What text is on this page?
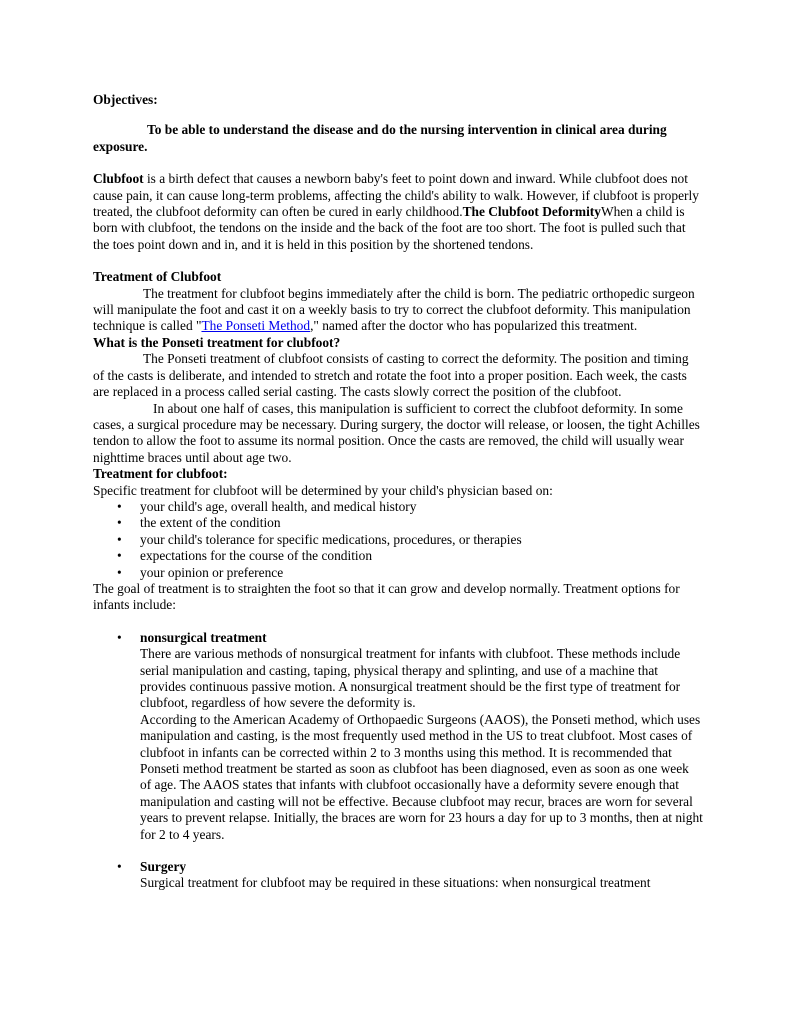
Objectives:

To be able to understand the disease and do the nursing intervention in clinical area during exposure.

Clubfoot is a birth defect that causes a newborn baby's feet to point down and inward. While clubfoot does not cause pain, it can cause long-term problems, affecting the child's ability to walk. However, if clubfoot is properly treated, the clubfoot deformity can often be cured in early childhood.The Clubfoot DeformityWhen a child is born with clubfoot, the tendons on the inside and the back of the foot are too short. The foot is pulled such that the toes point down and in, and it is held in this position by the shortened tendons.

Treatment of Clubfoot

The treatment for clubfoot begins immediately after the child is born. The pediatric orthopedic surgeon will manipulate the foot and cast it on a weekly basis to try to correct the clubfoot deformity. This manipulation technique is called "The Ponseti Method," named after the doctor who has popularized this treatment.

What is the Ponseti treatment for clubfoot?

The Ponseti treatment of clubfoot consists of casting to correct the deformity. The position and timing of the casts is deliberate, and intended to stretch and rotate the foot into a proper position. Each week, the casts are replaced in a process called serial casting. The casts slowly correct the position of the clubfoot.

In about one half of cases, this manipulation is sufficient to correct the clubfoot deformity. In some cases, a surgical procedure may be necessary. During surgery, the doctor will release, or loosen, the tight Achilles tendon to allow the foot to assume its normal position. Once the casts are removed, the child will usually wear nighttime braces until about age two.

Treatment for clubfoot:

Specific treatment for clubfoot will be determined by your child's physician based on:

• your child's age, overall health, and medical history
• the extent of the condition
• your child's tolerance for specific medications, procedures, or therapies
• expectations for the course of the condition
• your opinion or preference

The goal of treatment is to straighten the foot so that it can grow and develop normally. Treatment options for infants include:

• nonsurgical treatment
There are various methods of nonsurgical treatment for infants with clubfoot. These methods include serial manipulation and casting, taping, physical therapy and splinting, and use of a machine that provides continuous passive motion. A nonsurgical treatment should be the first type of treatment for clubfoot, regardless of how severe the deformity is.
According to the American Academy of Orthopaedic Surgeons (AAOS), the Ponseti method, which uses manipulation and casting, is the most frequently used method in the US to treat clubfoot. Most cases of clubfoot in infants can be corrected within 2 to 3 months using this method. It is recommended that Ponseti method treatment be started as soon as clubfoot has been diagnosed, even as soon as one week of age. The AAOS states that infants with clubfoot occasionally have a deformity severe enough that manipulation and casting will not be effective. Because clubfoot may recur, braces are worn for several years to prevent relapse. Initially, the braces are worn for 23 hours a day for up to 3 months, then at night for 2 to 4 years.
• Surgery
Surgical treatment for clubfoot may be required in these situations: when nonsurgical treatment
